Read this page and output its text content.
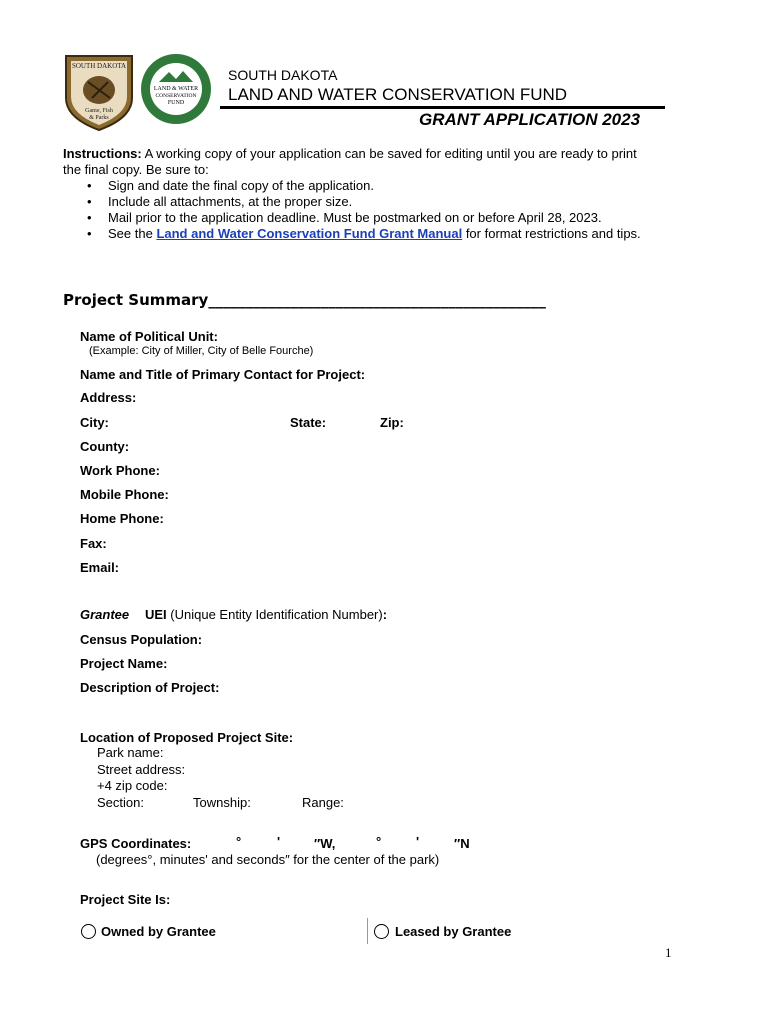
SOUTH DAKOTA
Game, Fish
& Parks
LAND & WATER
CONSERVATION
FUND
SOUTH DAKOTA
LAND AND WATER CONSERVATION FUND
GRANT APPLICATION 2023
Instructions: A working copy of your application can be saved for editing until you are ready to print the final copy. Be sure to:
• Sign and date the final copy of the application.
• Include all attachments, at the proper size.
• Mail prior to the application deadline. Must be postmarked on or before April 28, 2023.
• See the Land and Water Conservation Fund Grant Manual for format restrictions and tips.
Project Summary_____________________________________________
Name of Political Unit:
(Example: City of Miller, City of Belle Fourche)
Name and Title of Primary Contact for Project:
Address:
City:	State:	Zip:
County:
Work Phone:
Mobile Phone:
Home Phone:
Fax:
Email:
Grantee UEI (Unique Entity Identification Number):
Census Population:
Project Name:
Description of Project:
Location of Proposed Project Site:
Park name:
Street address:
+4 zip code:
Section:	Township:	Range:
GPS Coordinates:	°	'	″W,	°	'	″N
(degrees°, minutes' and seconds″ for the center of the park)
Project Site Is:
Owned by Grantee	Leased by Grantee
1
